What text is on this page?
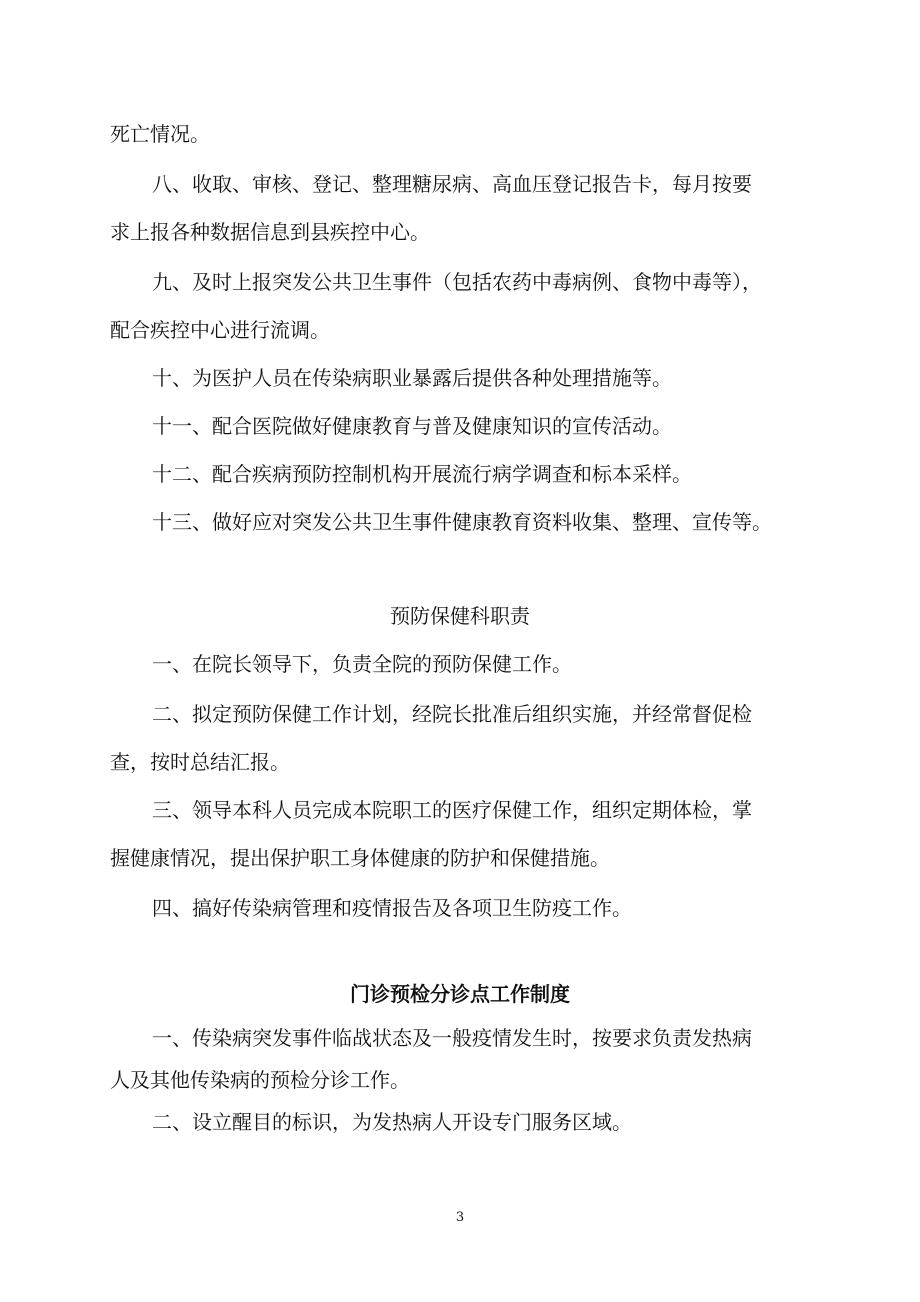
死亡情况。
八、收取、审核、登记、整理糖尿病、高血压登记报告卡，每月按要
求上报各种数据信息到县疾控中心。
九、及时上报突发公共卫生事件（包括农药中毒病例、食物中毒等），
配合疾控中心进行流调。
十、为医护人员在传染病职业暴露后提供各种处理措施等。
十一、配合医院做好健康教育与普及健康知识的宣传活动。
十二、配合疾病预防控制机构开展流行病学调查和标本采样。
十三、做好应对突发公共卫生事件健康教育资料收集、整理、宣传等。
预防保健科职责
一、在院长领导下，负责全院的预防保健工作。
二、拟定预防保健工作计划，经院长批准后组织实施，并经常督促检
查，按时总结汇报。
三、领导本科人员完成本院职工的医疗保健工作，组织定期体检，掌
握健康情况，提出保护职工身体健康的防护和保健措施。
四、搞好传染病管理和疫情报告及各项卫生防疫工作。
门诊预检分诊点工作制度
一、传染病突发事件临战状态及一般疫情发生时，按要求负责发热病
人及其他传染病的预检分诊工作。
二、设立醒目的标识，为发热病人开设专门服务区域。
3
